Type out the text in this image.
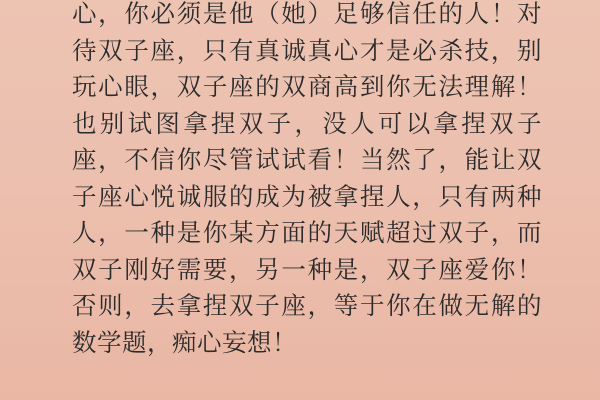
心，你必须是他（她）足够信任的人！对待双子座，只有真诚真心才是必杀技，别玩心眼，双子座的双商高到你无法理解！也别试图拿捏双子，没人可以拿捏双子座，不信你尽管试试看！当然了，能让双子座心悦诚服的成为被拿捏人，只有两种人，一种是你某方面的天赋超过双子，而双子刚好需要，另一种是，双子座爱你！否则，去拿捏双子座，等于你在做无解的数学题，痴心妄想！
